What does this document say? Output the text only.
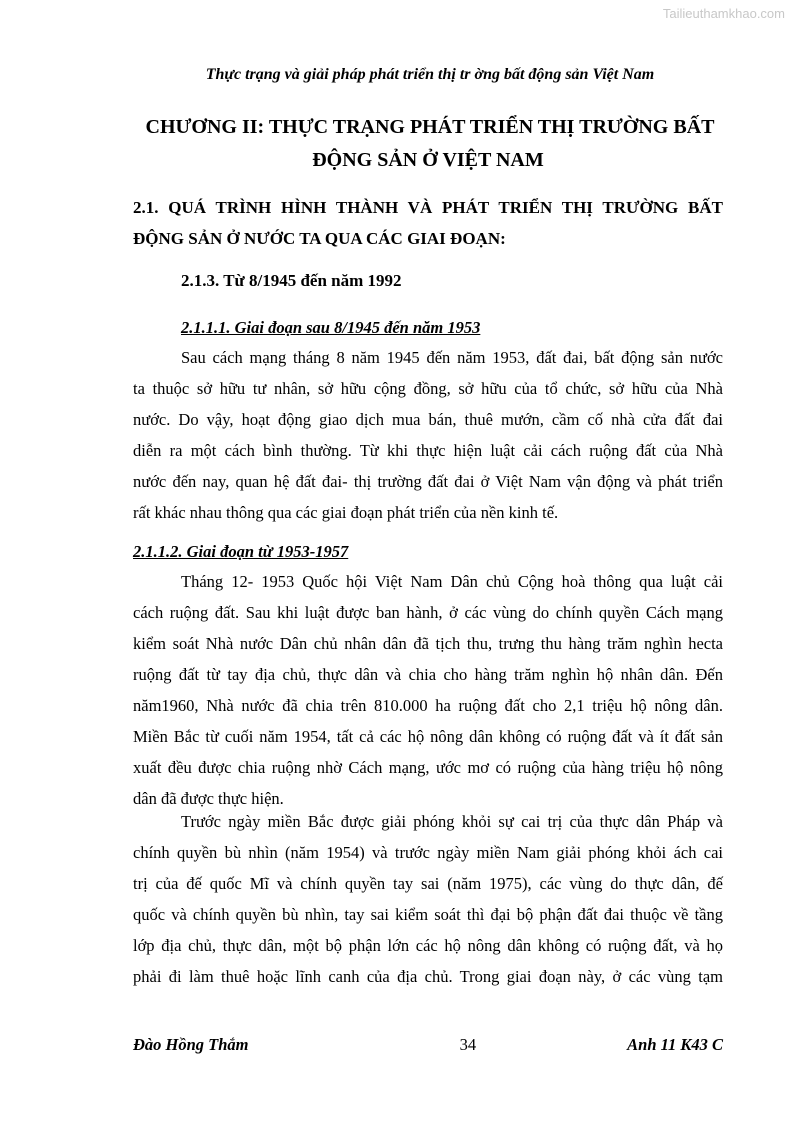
Tailieuthamkhao.com
Thực trạng và giải pháp phát triển thị tr ờng bất động sản Việt Nam
CHƯƠNG II: THỰC TRẠNG PHÁT TRIỂN THỊ TRƯỜNG BẤT
ĐỘNG SẢN Ở VIỆT NAM
2.1. QUÁ TRÌNH HÌNH THÀNH VÀ PHÁT TRIỂN THỊ TRƯỜNG BẤT
ĐỘNG SẢN Ở NƯỚC TA QUA CÁC GIAI ĐOẠN:
2.1.3. Từ 8/1945 đến năm 1992
2.1.1.1. Giai đoạn sau 8/1945 đến năm 1953
Sau cách mạng tháng 8 năm 1945 đến năm 1953, đất đai, bất động sản nước
ta thuộc sở hữu tư nhân, sở hữu cộng đồng, sở hữu của tổ chức, sở hữu của Nhà
nước. Do vậy, hoạt động giao dịch mua bán, thuê mướn, cầm cố nhà cửa đất đai
diễn ra một cách bình thường. Từ khi thực hiện luật cải cách ruộng đất của Nhà
nước đến nay, quan hệ đất đai- thị trường đất đai ở Việt Nam vận động và phát triển
rất khác nhau thông qua các giai đoạn phát triển của nền kinh tế.
2.1.1.2. Giai đoạn từ 1953-1957
Tháng 12- 1953 Quốc hội Việt Nam Dân chủ Cộng hoà thông qua luật cải
cách ruộng đất. Sau khi luật được ban hành, ở các vùng do chính quyền Cách mạng
kiểm soát Nhà nước Dân chủ nhân dân đã tịch thu, trưng thu hàng trăm nghìn hecta
ruộng đất từ tay địa chủ, thực dân và chia cho hàng trăm nghìn hộ nhân dân. Đến
năm1960, Nhà nước đã chia trên 810.000 ha ruộng đất cho 2,1 triệu hộ nông dân.
Miền Bắc từ cuối năm 1954, tất cả các hộ nông dân không có ruộng đất và ít đất sản
xuất đều được chia ruộng nhờ Cách mạng, ước mơ có ruộng của hàng triệu hộ nông
dân đã được thực hiện.
Trước ngày miền Bắc được giải phóng khỏi sự cai trị của thực dân Pháp và
chính quyền bù nhìn (năm 1954) và trước ngày miền Nam giải phóng khỏi ách cai
trị của đế quốc Mĩ và chính quyền tay sai (năm 1975), các vùng do thực dân, đế
quốc và chính quyền bù nhìn, tay sai kiểm soát thì đại bộ phận đất đai thuộc về tầng
lớp địa chủ, thực dân, một bộ phận lớn các hộ nông dân không có ruộng đất, và họ
phải đi làm thuê hoặc lĩnh canh của địa chủ. Trong giai đoạn này, ở các vùng tạm
Đào Hồng Thắm	34	Anh 11 K43 C
